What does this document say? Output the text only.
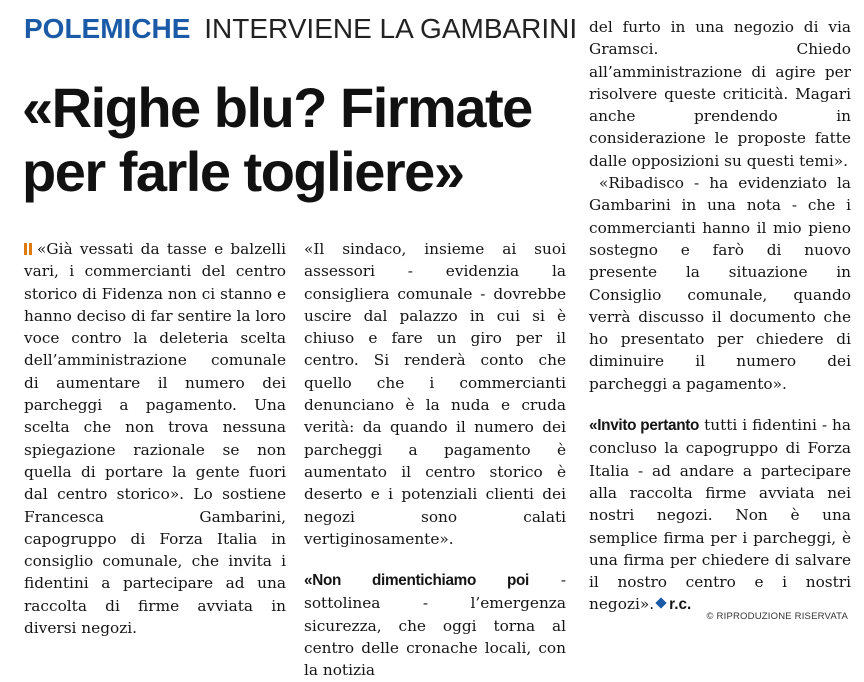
POLEMICHE INTERVIENE LA GAMBARINI
«Righe blu? Firmate
per farle togliere»

«Già vessati da tasse e balzelli vari, i commercianti del centro storico di Fidenza non ci stanno e hanno deciso di far sentire la loro voce contro la deleteria scelta dell’amministrazione comunale di aumentare il numero dei parcheggi a pagamento. Una scelta che non trova nessuna spiegazione razionale se non quella di portare la gente fuori dal centro storico». Lo sostiene Francesca Gambarini, capogruppo di Forza Italia in consiglio comunale, che invita i fidentini a partecipare ad una raccolta di firme avviata in diversi negozi.

«Il sindaco, insieme ai suoi assessori - evidenzia la consigliera comunale - dovrebbe uscire dal palazzo in cui si è chiuso e fare un giro per il centro. Si renderà conto che quello che i commercianti denunciano è la nuda e cruda verità: da quando il numero dei parcheggi a pagamento è aumentato il centro storico è deserto e i potenziali clienti dei negozi sono calati vertiginosamente».

«Non dimentichiamo poi - sottolinea - l’emergenza sicurezza, che oggi torna al centro delle cronache locali, con la notizia

del furto in una negozio di via Gramsci. Chiedo all’amministrazione di agire per risolvere queste criticità. Magari anche prendendo in considerazione le proposte fatte dalle opposizioni su questi temi».

«Ribadisco - ha evidenziato la Gambarini in una nota - che i commercianti hanno il mio pieno sostegno e farò di nuovo presente la situazione in Consiglio comunale, quando verrà discusso il documento che ho presentato per chiedere di diminuire il numero dei parcheggi a pagamento».

«Invito pertanto tutti i fidentini - ha concluso la capogruppo di Forza Italia - ad andare a partecipare alla raccolta firme avviata nei nostri negozi. Non è una semplice firma per i parcheggi, è una firma per chiedere di salvare il nostro centro e i nostri negozi». r.c.

© RIPRODUZIONE RISERVATA
